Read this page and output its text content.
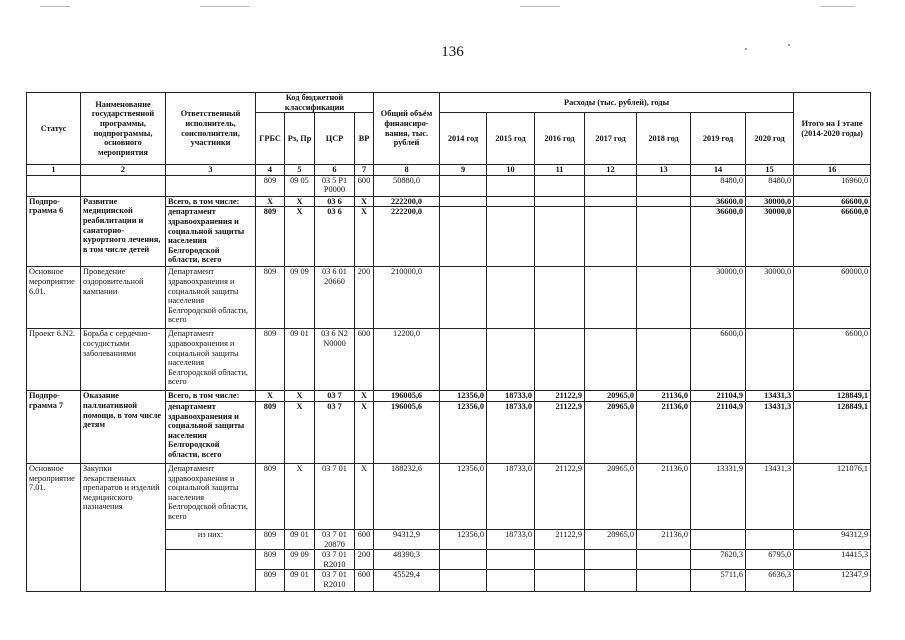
136
Статус	Наименование государственной программы, подпрограммы, основного мероприятия	Ответственный исполнитель, соисполнители, участники	Код бюджетной классификации				Общий объём финансиро-вания, тыс. рублей	Расходы (тыс. рублей), годы							Итого на I этапе (2014-2020 годы)
			ГРБС	Рз, Пр	ЦСР	ВР		2014 год	2015 год	2016 год	2017 год	2018 год	2019 год	2020 год	

1	2	3	4	5	6	7	8	9	10	11	12	13	14	15	16
			809	09 05	03 5 P1 P0000	600	50880,0						8480,0	8480,0	16960,0
Подпро-грамма 6	Развитие медицинской реабилитации и санаторно-курортного лечения, в том числе детей	Всего, в том числе:	X	X	03 6	X	222200,0						36600,0	30000,0	66600,0
		департамент здравоохранения и социальной защиты населения Белгородской области, всего	809	X	03 6	X	222200,0						36600,0	30000,0	66600,0
Основное мероприятие 6.01.	Проведение оздоровительной кампании	Департамент здравоохранения и социальной защиты населения Белгородской области, всего	809	09 09	03 6 01 20660	200	210000,0						30000,0	30000,0	60000,0
Проект 6.N2.	Борьба с сердечно-сосудистыми заболеваниями	Департамент здравоохранения и социальной защиты населения Белгородской области, всего	809	09 01	03 6 N2 N0000	600	12200,0						6600,0		6600,0
Подпро-грамма 7	Оказание паллиативной помощи, в том числе детям	Всего, в том числе:	X	X	03 7	X	196005,6	12356,0	18733,0	21122,9	20965,0	21136,0	21104,9	13431,3	128849,1
		департамент здравоохранения и социальной защиты населения Белгородской области, всего	809	X	03 7	X	196005,6	12356,0	18733,0	21122,9	20965,0	21136,0	21104,9	13431,3	128849,1
Основное мероприятие 7.01.	Закупки лекарственных препаратов и изделий медицинского назначения	Департамент здравоохранения и социальной защиты населения Белгородской области, всего	809	X	03 7 01	X	188232,6	12356,0	18733,0	21122,9	20965,0	21136,0	13331,9	13431,3	121076,1
		из них:	809	09 01	03 7 01 20870	600	94312,9	12356,0	18733,0	21122,9	20965,0	21136,0			94312,9
			809	09 09	03 7 01 R2010	200	48390,3						7620,3	6795,0	14415,3
			809	09 01	03 7 01 R2010	600	45529,4						5711,6	6636,3	12347,9
